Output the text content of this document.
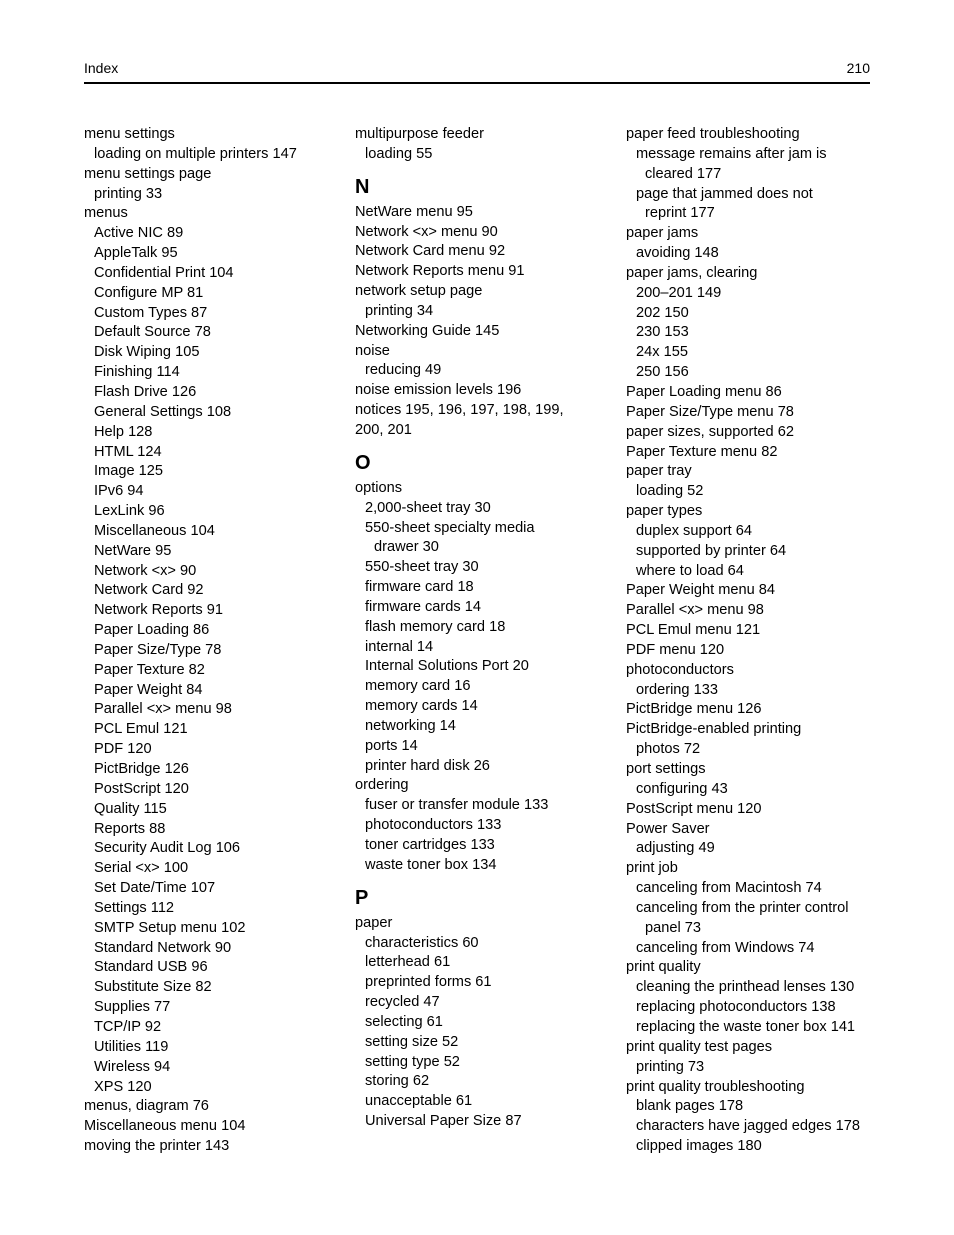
Index	210
menu settings
loading on multiple printers 147
menu settings page
printing 33
menus
Active NIC 89
AppleTalk 95
Confidential Print 104
Configure MP 81
Custom Types 87
Default Source 78
Disk Wiping 105
Finishing 114
Flash Drive 126
General Settings 108
Help 128
HTML 124
Image 125
IPv6 94
LexLink 96
Miscellaneous 104
NetWare 95
Network <x> 90
Network Card 92
Network Reports 91
Paper Loading 86
Paper Size/Type 78
Paper Texture 82
Paper Weight 84
Parallel <x> menu 98
PCL Emul 121
PDF 120
PictBridge 126
PostScript 120
Quality 115
Reports 88
Security Audit Log 106
Serial <x> 100
Set Date/Time 107
Settings 112
SMTP Setup menu 102
Standard Network 90
Standard USB 96
Substitute Size 82
Supplies 77
TCP/IP 92
Utilities 119
Wireless 94
XPS 120
menus, diagram 76
Miscellaneous menu 104
moving the printer 143
multipurpose feeder
loading 55
N
NetWare menu 95
Network <x> menu 90
Network Card menu 92
Network Reports menu 91
network setup page
printing 34
Networking Guide 145
noise
reducing 49
noise emission levels 196
notices 195, 196, 197, 198, 199,
200, 201
O
options
2,000-sheet tray 30
550-sheet specialty media
drawer 30
550-sheet tray 30
firmware card 18
firmware cards 14
flash memory card 18
internal 14
Internal Solutions Port 20
memory card 16
memory cards 14
networking 14
ports 14
printer hard disk 26
ordering
fuser or transfer module 133
photoconductors 133
toner cartridges 133
waste toner box 134
P
paper
characteristics 60
letterhead 61
preprinted forms 61
recycled 47
selecting 61
setting size 52
setting type 52
storing 62
unacceptable 61
Universal Paper Size 87
paper feed troubleshooting
message remains after jam is
cleared 177
page that jammed does not
reprint 177
paper jams
avoiding 148
paper jams, clearing
200–201 149
202 150
230 153
24x 155
250 156
Paper Loading menu 86
Paper Size/Type menu 78
paper sizes, supported 62
Paper Texture menu 82
paper tray
loading 52
paper types
duplex support 64
supported by printer 64
where to load 64
Paper Weight menu 84
Parallel <x> menu 98
PCL Emul menu 121
PDF menu 120
photoconductors
ordering 133
PictBridge menu 126
PictBridge-enabled printing
photos 72
port settings
configuring 43
PostScript menu 120
Power Saver
adjusting 49
print job
canceling from Macintosh 74
canceling from the printer control
panel 73
canceling from Windows 74
print quality
cleaning the printhead lenses 130
replacing photoconductors 138
replacing the waste toner box 141
print quality test pages
printing 73
print quality troubleshooting
blank pages 178
characters have jagged edges 178
clipped images 180
